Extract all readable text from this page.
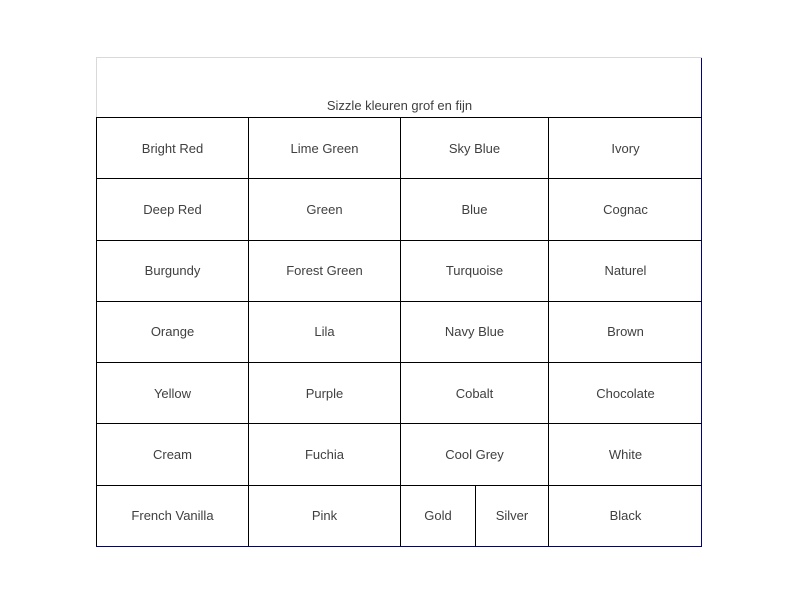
Sizzle kleuren grof en fijn
Bright Red	Lime Green	Sky Blue	Ivory
Deep Red	Green	Blue	Cognac
Burgundy	Forest Green	Turquoise	Naturel
Orange	Lila	Navy Blue	Brown
Yellow	Purple	Cobalt	Chocolate
Cream	Fuchia	Cool Grey	White
French Vanilla	Pink	Gold	Silver	Black
